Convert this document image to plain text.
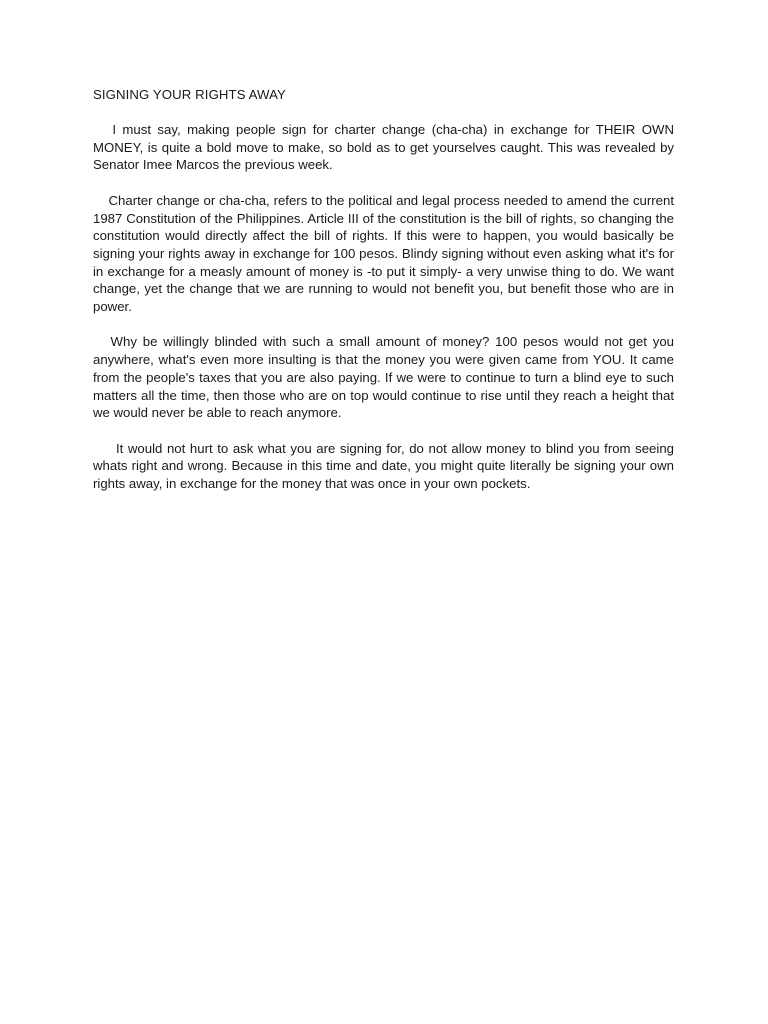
SIGNING YOUR RIGHTS AWAY

I must say, making people sign for charter change (cha-cha) in exchange for THEIR OWN MONEY, is quite a bold move to make, so bold as to get yourselves caught. This was revealed by Senator Imee Marcos the previous week.

Charter change or cha-cha, refers to the political and legal process needed to amend the current 1987 Constitution of the Philippines. Article III of the constitution is the bill of rights, so changing the constitution would directly affect the bill of rights. If this were to happen, you would basically be signing your rights away in exchange for 100 pesos. Blindy signing without even asking what it's for in exchange for a measly amount of money is -to put it simply- a very unwise thing to do. We want change, yet the change that we are running to would not benefit you, but benefit those who are in power.

Why be willingly blinded with such a small amount of money? 100 pesos would not get you anywhere, what's even more insulting is that the money you were given came from YOU. It came from the people's taxes that you are also paying. If we were to continue to turn a blind eye to such matters all the time, then those who are on top would continue to rise until they reach a height that we would never be able to reach anymore.

It would not hurt to ask what you are signing for, do not allow money to blind you from seeing whats right and wrong. Because in this time and date, you might quite literally be signing your own rights away, in exchange for the money that was once in your own pockets.
